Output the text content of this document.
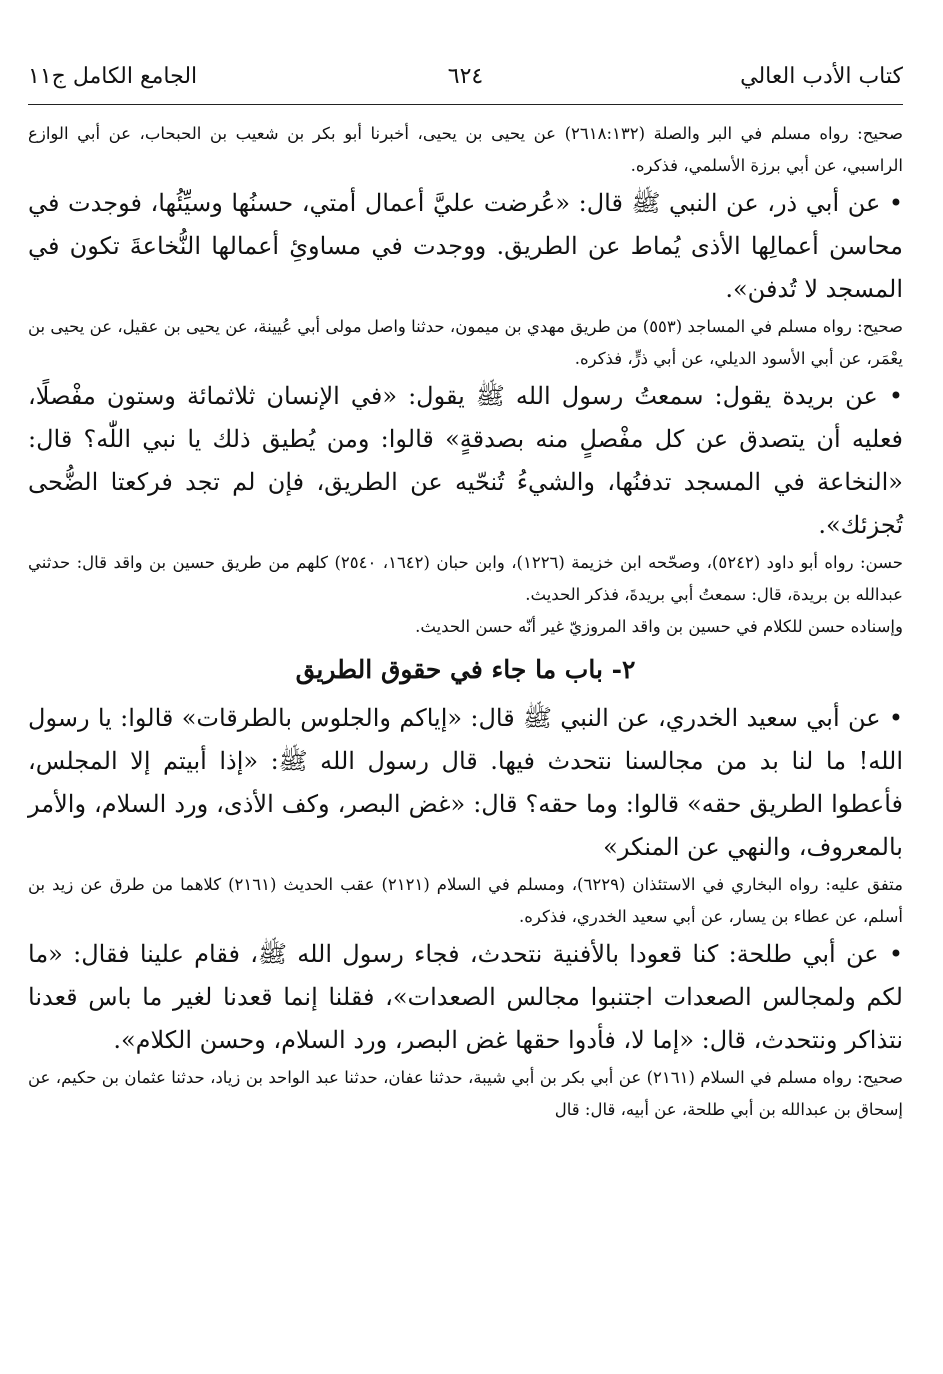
كتاب الأدب العالي
٦٢٤
الجامع الكامل ج١١

صحيح: رواه مسلم في البر والصلة (٢٦١٨:١٣٢) عن يحيى بن يحيى، أخبرنا أبو بكر بن شعيب بن الحبحاب، عن أبي الوازع الراسبي، عن أبي برزة الأسلمي، فذكره.

• عن أبي ذر، عن النبي ﷺ قال: «عُرضت عليَّ أعمال أمتي، حسنُها وسيِّئُها، فوجدت في محاسن أعمالِها الأذى يُماط عن الطريق. ووجدت في مساوئِ أعمالها النُّخاعةَ تكون في المسجد لا تُدفن».

صحيح: رواه مسلم في المساجد (٥٥٣) من طريق مهدي بن ميمون، حدثنا واصل مولى أبي عُيينة، عن يحيى بن عقيل، عن يحيى بن يعْمَر، عن أبي الأسود الديلي، عن أبي ذرٍّ، فذكره.

• عن بريدة يقول: سمعتُ رسول الله ﷺ يقول: «في الإنسان ثلاثمائة وستون مفْصلًا، فعليه أن يتصدق عن كل مفْصلٍ منه بصدقةٍ» قالوا: ومن يُطيق ذلك يا نبي اللّٰه؟ قال: «النخاعة في المسجد تدفنُها، والشيءُ تُنحّيه عن الطريق، فإن لم تجد فركعتا الضُّحى تُجزئك».

حسن: رواه أبو داود (٥٢٤٢)، وصحّحه ابن خزيمة (١٢٢٦)، وابن حبان (١٦٤٢، ٢٥٤٠) كلهم من طريق حسين بن واقد قال: حدثني عبدالله بن بريدة، قال: سمعتُ أبي بريدةَ، فذكر الحديث.

وإسناده حسن للكلام في حسين بن واقد المروزيّ غير أنّه حسن الحديث.

٢- باب ما جاء في حقوق الطريق

• عن أبي سعيد الخدري، عن النبي ﷺ قال: «إياكم والجلوس بالطرقات» قالوا: يا رسول الله! ما لنا بد من مجالسنا نتحدث فيها. قال رسول الله ﷺ: «إذا أبيتم إلا المجلس، فأعطوا الطريق حقه» قالوا: وما حقه؟ قال: «غض البصر، وكف الأذى، ورد السلام، والأمر بالمعروف، والنهي عن المنكر»

متفق عليه: رواه البخاري في الاستئذان (٦٢٢٩)، ومسلم في السلام (٢١٢١) عقب الحديث (٢١٦١) كلاهما من طرق عن زيد بن أسلم، عن عطاء بن يسار، عن أبي سعيد الخدري، فذكره.

• عن أبي طلحة: كنا قعودا بالأفنية نتحدث، فجاء رسول الله ﷺ، فقام علينا فقال: «ما لكم ولمجالس الصعدات اجتنبوا مجالس الصعدات»، فقلنا إنما قعدنا لغير ما باس قعدنا نتذاكر ونتحدث، قال: «إما لا، فأدوا حقها غض البصر، ورد السلام، وحسن الكلام».

صحيح: رواه مسلم في السلام (٢١٦١) عن أبي بكر بن أبي شيبة، حدثنا عفان، حدثنا عبد الواحد بن زياد، حدثنا عثمان بن حكيم، عن إسحاق بن عبدالله بن أبي طلحة، عن أبيه، قال: قال
